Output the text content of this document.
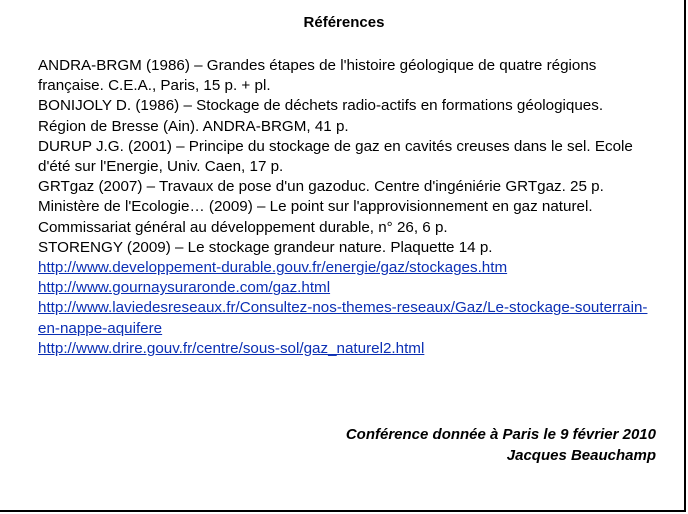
Références

ANDRA-BRGM (1986) – Grandes étapes de l'histoire géologique de quatre régions française. C.E.A., Paris, 15 p. + pl.

BONIJOLY D. (1986) – Stockage de déchets radio-actifs en formations géologiques. Région de Bresse (Ain). ANDRA-BRGM, 41 p.

DURUP J.G. (2001) – Principe du stockage de gaz en cavités creuses dans le sel. Ecole d'été sur l'Energie, Univ. Caen, 17 p.

GRTgaz (2007) – Travaux de pose d'un gazoduc. Centre d'ingéniérie GRTgaz. 25 p.

Ministère de l'Ecologie… (2009) – Le point sur l'approvisionnement en gaz naturel. Commissariat général au développement durable, n° 26, 6 p.

STORENGY (2009) – Le stockage grandeur nature. Plaquette 14 p.

http://www.developpement-durable.gouv.fr/energie/gaz/stockages.htm
http://www.gournaysuraronde.com/gaz.html
http://www.laviedesreseaux.fr/Consultez-nos-themes-reseaux/Gaz/Le-stockage-souterrain-en-nappe-aquifere
http://www.drire.gouv.fr/centre/sous-sol/gaz_naturel2.html
Conférence donnée à Paris le 9 février 2010
Jacques Beauchamp
